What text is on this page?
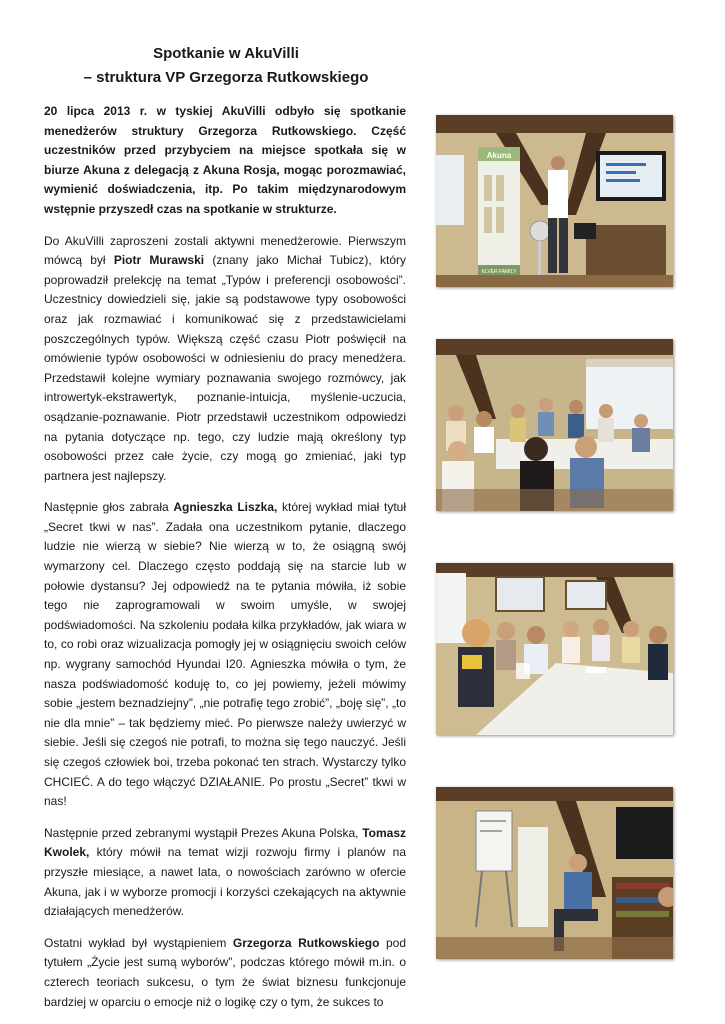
Spotkanie w AkuVilli
– struktura VP Grzegorza Rutkowskiego

20 lipca 2013 r. w tyskiej AkuVilli odbyło się spotkanie menedżerów struktury Grzegorza Rutkowskiego. Część uczestników przed przybyciem na miejsce spotkała się w biurze Akuna z delegacją z Akuna Rosja, mogąc porozmawiać, wymienić doświadczenia, itp. Po takim międzynarodowym wstępnie przyszedł czas na spotkanie w strukturze.

Do AkuVilli zaproszeni zostali aktywni menedżerowie. Pierwszym mówcą był Piotr Murawski (znany jako Michał Tubicz), który poprowadził prelekcję na temat „Typów i preferencji osobowości”. Uczestnicy dowiedzieli się, jakie są podstawowe typy osobowości oraz jak rozmawiać i komunikować się z przedstawicielami poszczególnych typów. Większą część czasu Piotr poświęcił na omówienie typów osobowości w odniesieniu do pracy menedżera. Przedstawił kolejne wymiary poznawania swojego rozmówcy, jak introwertyk-ekstrawertyk, poznanie-intuicja, myślenie-uczucia, osądzanie-poznawanie. Piotr przedstawił uczestnikom odpowiedzi na pytania dotyczące np. tego, czy ludzie mają określony typ osobowości przez całe życie, czy mogą go zmieniać, jaki typ partnera jest najlepszy.

Następnie głos zabrała Agnieszka Liszka, której wykład miał tytuł „Secret tkwi w nas”. Zadała ona uczestnikom pytanie, dlaczego ludzie nie wierzą w siebie? Nie wierzą w to, że osiągną swój wymarzony cel. Dlaczego często poddają się na starcie lub w połowie dystansu? Jej odpowiedź na te pytania mówiła, iż sobie tego nie zaprogramowali w swoim umyśle, w swojej podświadomości. Na szkoleniu podała kilka przykładów, jak wiara w to, co robi oraz wizualizacja pomogły jej w osiągnięciu swoich celów np. wygrany samochód Hyundai I20. Agnieszka mówiła o tym, że nasza podświadomość koduję to, co jej powiemy, jeżeli mówimy sobie „jestem beznadziejny”, „nie potrafię tego zrobić”, „boję się”, „to nie dla mnie” – tak będziemy mieć. Po pierwsze należy uwierzyć w siebie. Jeśli się czegoś nie potrafi, to można się tego nauczyć. Jeśli się czegoś człowiek boi, trzeba pokonać ten strach. Wystarczy tylko CHCIEĆ. A do tego włączyć DZIAŁANIE. Po prostu „Secret” tkwi w nas!

Następnie przed zebranymi wystąpił Prezes Akuna Polska, Tomasz Kwolek, który mówił na temat wizji rozwoju firmy i planów na przyszłe miesiące, a nawet lata, o nowościach zarówno w ofercie Akuna, jak i w wyborze promocji i korzyści czekających na aktywnie działających menedżerów.

Ostatni wykład był wystąpieniem Grzegorza Rutkowskiego pod tytułem „Życie jest sumą wyborów”, podczas którego mówił m.in. o czterech teoriach sukcesu, o tym że świat biznesu funkcjonuje bardziej w oparciu o emocje niż o logikę czy o tym, że sukces to

Akuna
KLVER FAMILY
